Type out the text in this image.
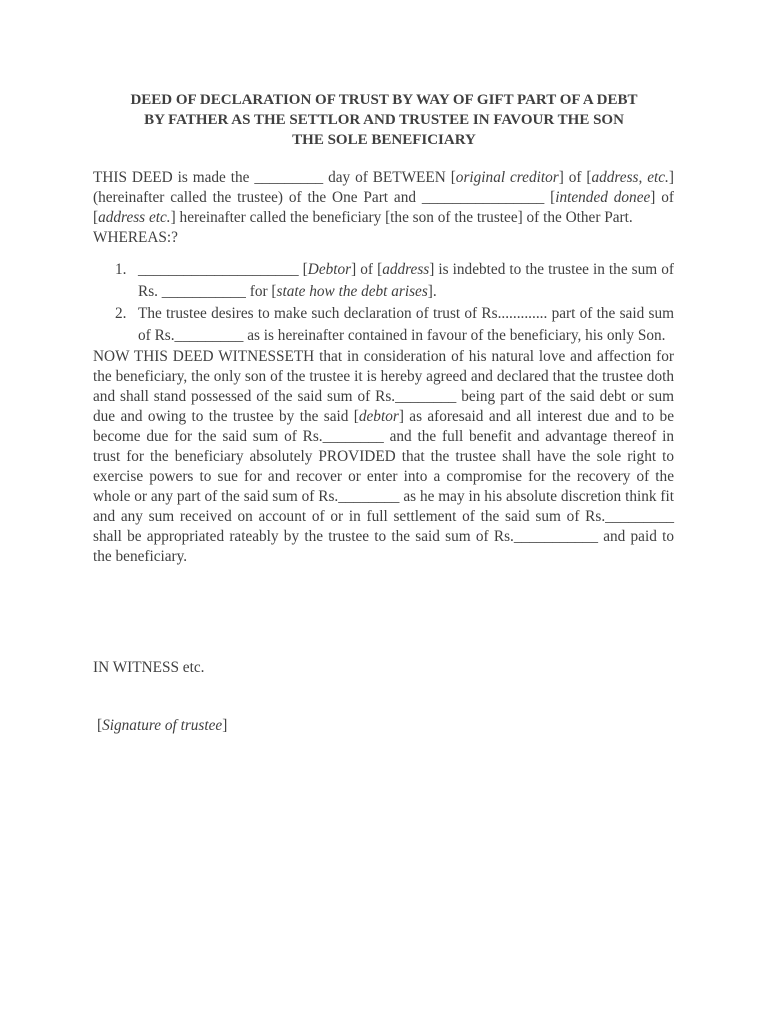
DEED OF DECLARATION OF TRUST BY WAY OF GIFT PART OF A DEBT
BY FATHER AS THE SETTLOR AND TRUSTEE IN FAVOUR THE SON
THE SOLE BENEFICIARY

THIS DEED is made the _________ day of BETWEEN [original creditor] of [address, etc.] (hereinafter called the trustee) of the One Part and ________________ [intended donee] of [address etc.] hereinafter called the beneficiary [the son of the trustee] of the Other Part.

WHEREAS:?

1. _____________________ [Debtor] of [address] is indebted to the trustee in the sum of Rs. ___________ for [state how the debt arises].
2. The trustee desires to make such declaration of trust of Rs............. part of the said sum of Rs._________ as is hereinafter contained in favour of the beneficiary, his only Son.

NOW THIS DEED WITNESSETH that in consideration of his natural love and affection for the beneficiary, the only son of the trustee it is hereby agreed and declared that the trustee doth and shall stand possessed of the said sum of Rs.________ being part of the said debt or sum due and owing to the trustee by the said [debtor] as aforesaid and all interest due and to be become due for the said sum of Rs.________ and the full benefit and advantage thereof in trust for the beneficiary absolutely PROVIDED that the trustee shall have the sole right to exercise powers to sue for and recover or enter into a compromise for the recovery of the whole or any part of the said sum of Rs.________ as he may in his absolute discretion think fit and any sum received on account of or in full settlement of the said sum of Rs._________ shall be appropriated rateably by the trustee to the said sum of Rs.___________ and paid to the beneficiary.

IN WITNESS etc.
[Signature of trustee]
